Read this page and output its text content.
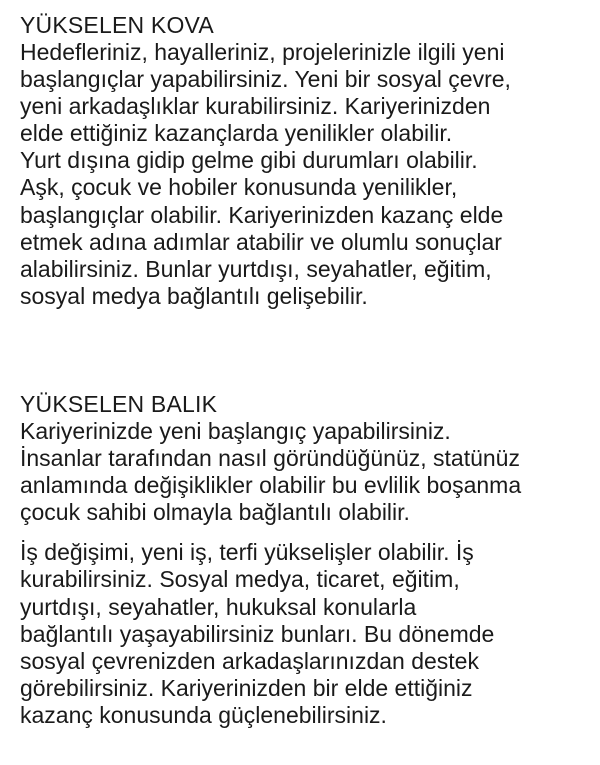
YÜKSELEN KOVA
Hedefleriniz, hayalleriniz, projelerinizle ilgili yeni
başlangıçlar yapabilirsiniz. Yeni bir sosyal çevre,
yeni arkadaşlıklar kurabilirsiniz. Kariyerinizden
elde ettiğiniz kazançlarda yenilikler olabilir.
Yurt dışına gidip gelme gibi durumları olabilir.
Aşk, çocuk ve hobiler konusunda yenilikler,
başlangıçlar olabilir. Kariyerinizden kazanç elde
etmek adına adımlar atabilir ve olumlu sonuçlar
alabilirsiniz. Bunlar yurtdışı, seyahatler, eğitim,
sosyal medya bağlantılı gelişebilir.
YÜKSELEN BALIK
Kariyerinizde yeni başlangıç yapabilirsiniz.
İnsanlar tarafından nasıl göründüğünüz, statünüz
anlamında değişiklikler olabilir bu evlilik boşanma
çocuk sahibi olmayla bağlantılı olabilir.
İş değişimi, yeni iş, terfi yükselişler olabilir. İş
kurabilirsiniz. Sosyal medya, ticaret, eğitim,
yurtdışı, seyahatler, hukuksal konularla
bağlantılı yaşayabilirsiniz bunları. Bu dönemde
sosyal çevrenizden arkadaşlarınızdan destek
görebilirsiniz. Kariyerinizden bir elde ettiğiniz
kazanç konusunda güçlenebilirsiniz.
